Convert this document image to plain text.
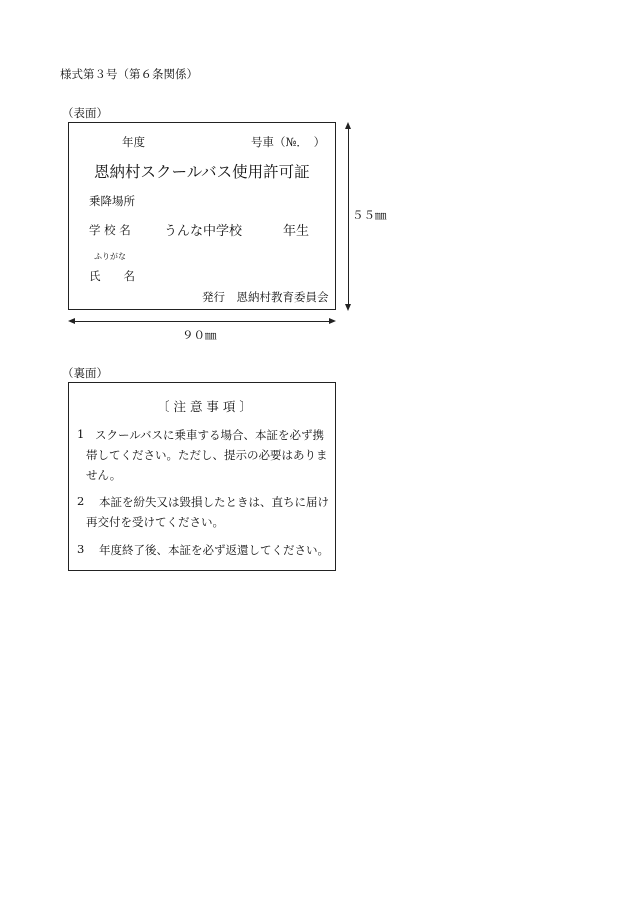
様式第３号（第６条関係）
（表面）
年度	号車（№．　）
恩納村スクールバス使用許可証
乗降場所
学 校 名	うんな中学校	年生
ふりがな
氏　　名
発行　恩納村教育委員会
５５㎜
９０㎜
（裏面）
〔 注 意 事 項 〕
1 スクールバスに乗車する場合、本証を必ず携
帯してください。ただし、提示の必要はありません。
2 本証を紛失又は毀損したときは、直ちに届け
再交付を受けてください。
3 年度終了後、本証を必ず返還してください。
